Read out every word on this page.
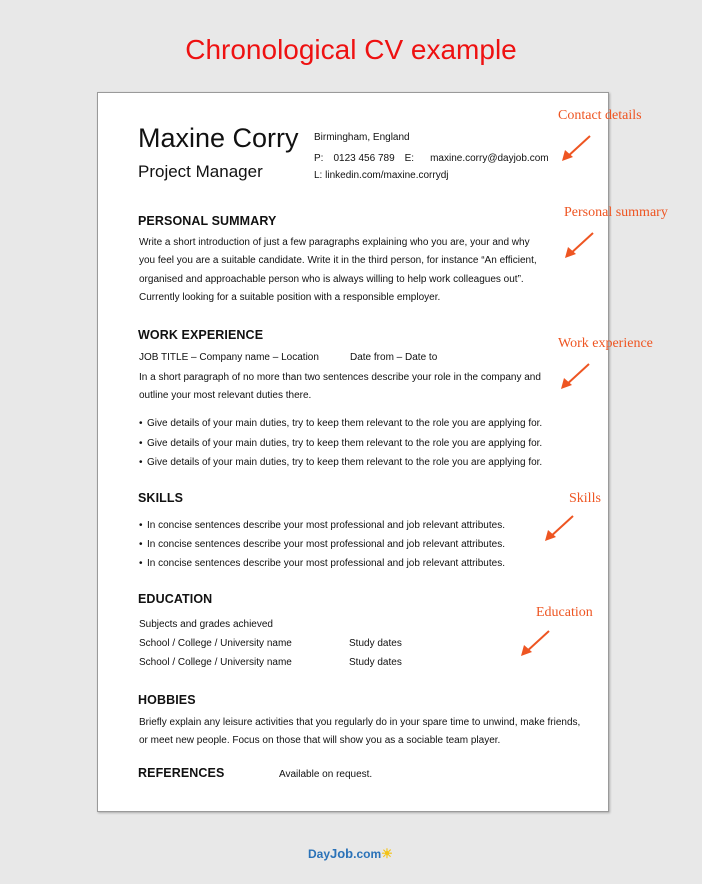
Chronological CV example
Maxine Corry
Project Manager
Birmingham, England
P: 0123 456 789 E: maxine.corry@dayjob.com
L: linkedin.com/maxine.corrydj
PERSONAL SUMMARY
Write a short introduction of just a few paragraphs explaining who you are, your and why you feel you are a suitable candidate. Write it in the third person, for instance “An efficient, organised and approachable person who is always willing to help work colleagues out”. Currently looking for a suitable position with a responsible employer.
WORK EXPERIENCE
JOB TITLE – Company name – Location	Date from – Date to
In a short paragraph of no more than two sentences describe your role in the company and outline your most relevant duties there.
• Give details of your main duties, try to keep them relevant to the role you are applying for.
• Give details of your main duties, try to keep them relevant to the role you are applying for.
• Give details of your main duties, try to keep them relevant to the role you are applying for.
SKILLS
• In concise sentences describe your most professional and job relevant attributes.
• In concise sentences describe your most professional and job relevant attributes.
• In concise sentences describe your most professional and job relevant attributes.
EDUCATION
Subjects and grades achieved
School / College / University name	Study dates
School / College / University name	Study dates
HOBBIES
Briefly explain any leisure activities that you regularly do in your spare time to unwind, make friends, or meet new people. Focus on those that will show you as a sociable team player.
REFERENCES	Available on request.
Contact details
Personal summary
Work experience
Skills
Education
DayJob.com☀
